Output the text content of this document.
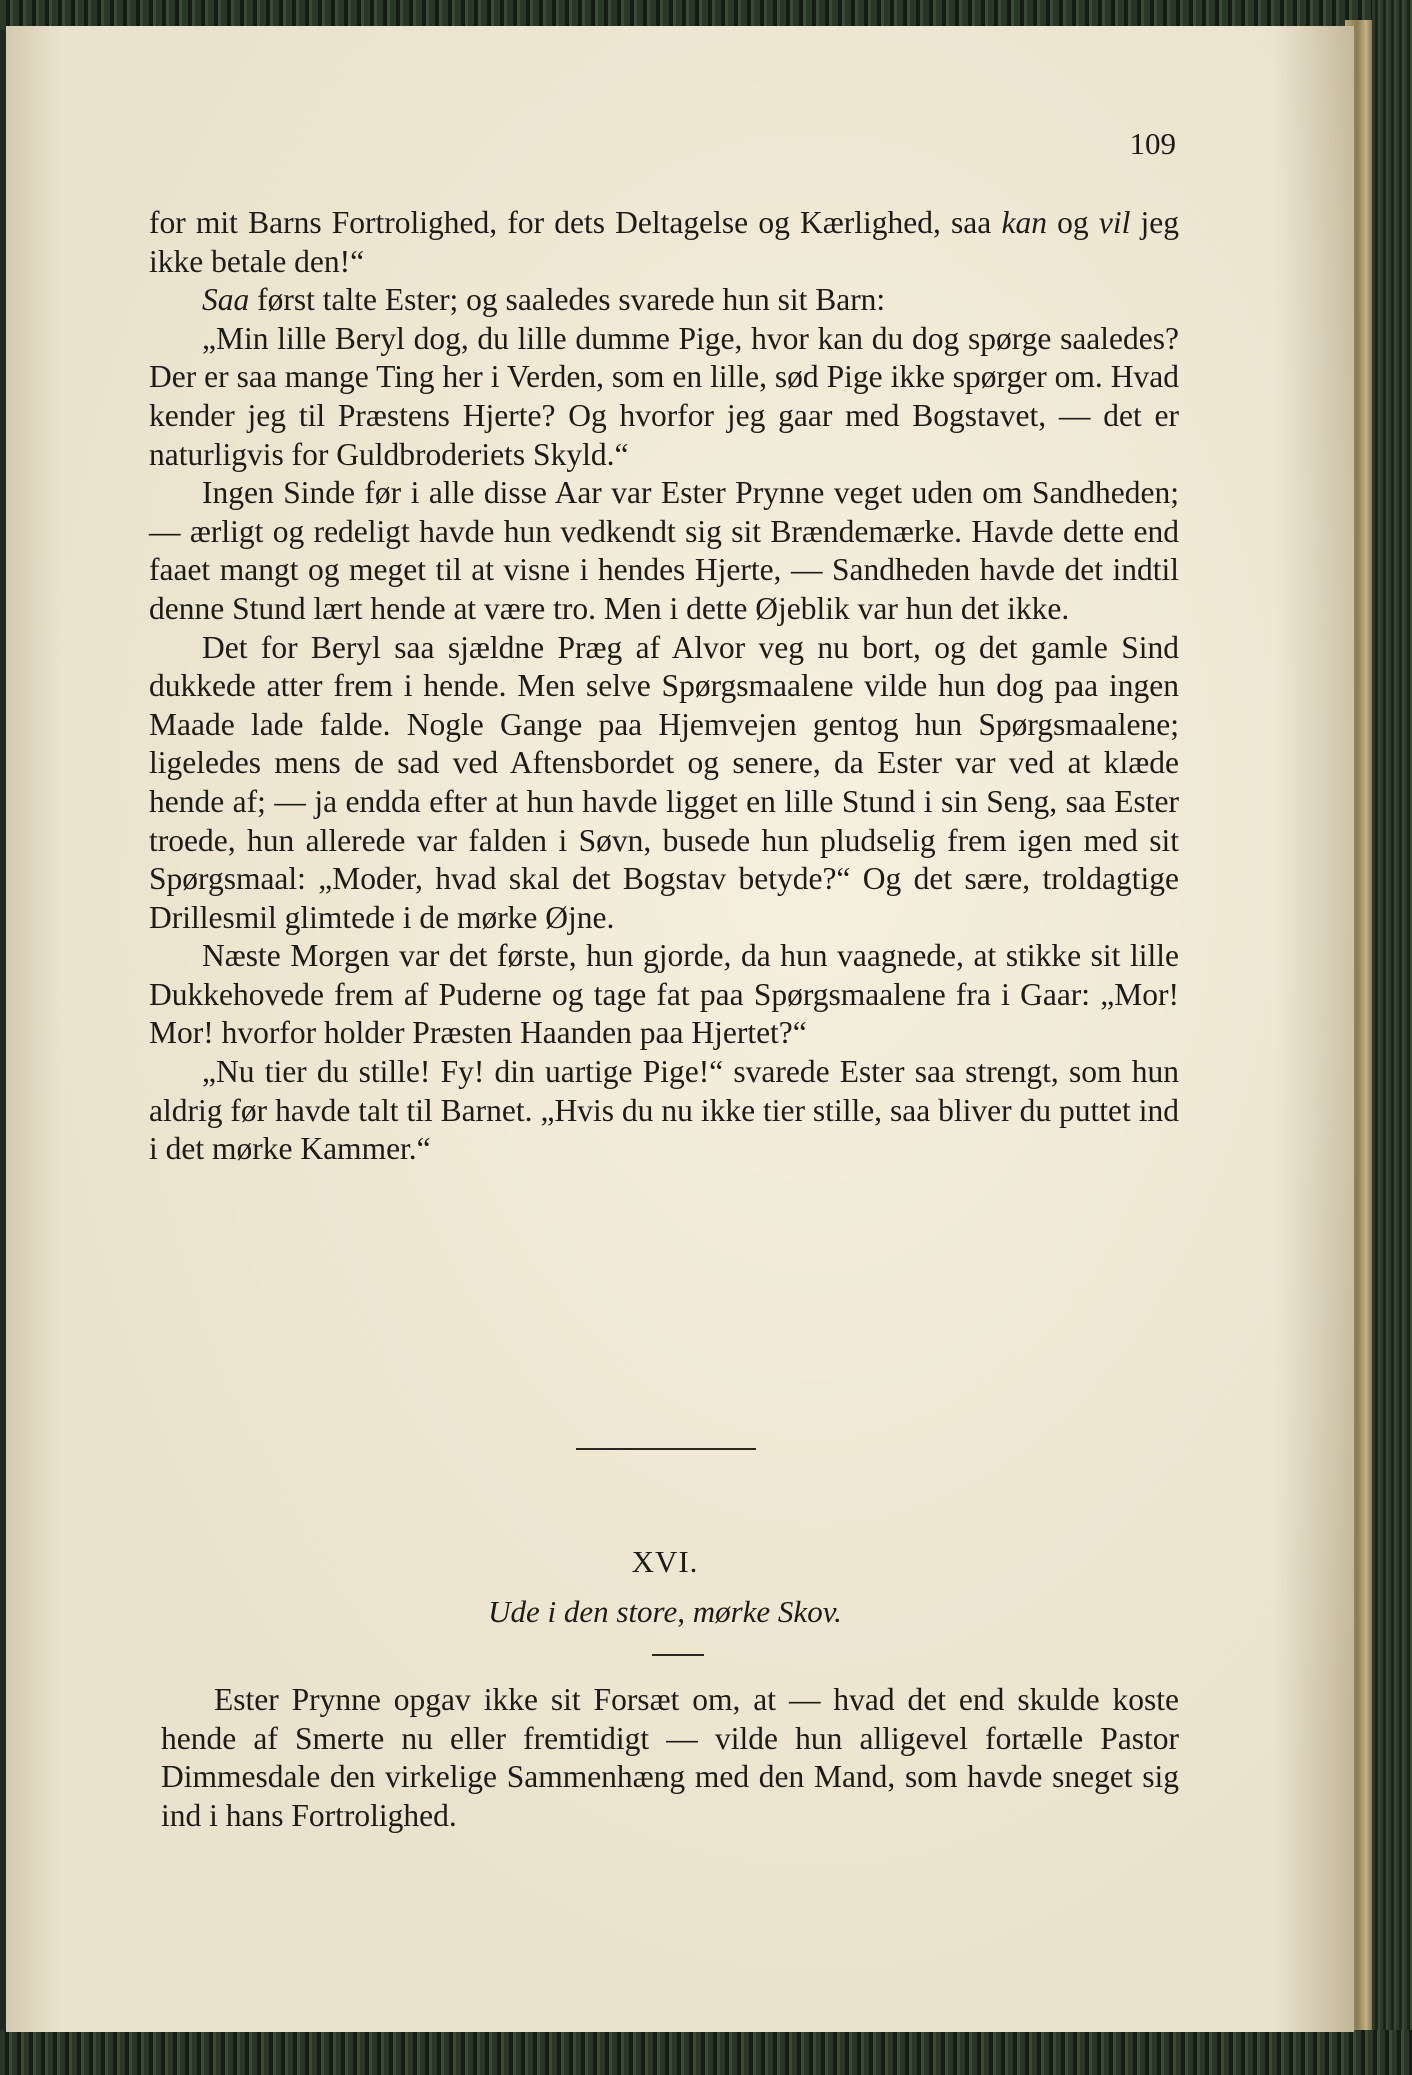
109

for mit Barns Fortrolighed, for dets Deltagelse og Kærlighed, saa kan og vil jeg ikke betale den!“

Saa først talte Ester; og saaledes svarede hun sit Barn:

„Min lille Beryl dog, du lille dumme Pige, hvor kan du dog spørge saaledes? Der er saa mange Ting her i Verden, som en lille, sød Pige ikke spørger om. Hvad kender jeg til Præstens Hjerte? Og hvorfor jeg gaar med Bogstavet, — det er naturligvis for Guldbroderiets Skyld.“

Ingen Sinde før i alle disse Aar var Ester Prynne veget uden om Sandheden; — ærligt og redeligt havde hun vedkendt sig sit Brændemærke. Havde dette end faaet mangt og meget til at visne i hendes Hjerte, — Sandheden havde det indtil denne Stund lært hende at være tro. Men i dette Øjeblik var hun det ikke.

Det for Beryl saa sjældne Præg af Alvor veg nu bort, og det gamle Sind dukkede atter frem i hende. Men selve Spørgsmaalene vilde hun dog paa ingen Maade lade falde. Nogle Gange paa Hjemvejen gentog hun Spørgsmaalene; ligeledes mens de sad ved Aftensbordet og senere, da Ester var ved at klæde hende af; — ja endda efter at hun havde ligget en lille Stund i sin Seng, saa Ester troede, hun allerede var falden i Søvn, busede hun pludselig frem igen med sit Spørgsmaal: „Moder, hvad skal det Bogstav betyde?“ Og det sære, troldagtige Drillesmil glimtede i de mørke Øjne.

Næste Morgen var det første, hun gjorde, da hun vaagnede, at stikke sit lille Dukkehovede frem af Puderne og tage fat paa Spørgsmaalene fra i Gaar: „Mor! Mor! hvorfor holder Præsten Haanden paa Hjertet?“

„Nu tier du stille! Fy! din uartige Pige!“ svarede Ester saa strengt, som hun aldrig før havde talt til Barnet. „Hvis du nu ikke tier stille, saa bliver du puttet ind i det mørke Kammer.“

XVI.
Ude i den store, mørke Skov.

Ester Prynne opgav ikke sit Forsæt om, at — hvad det end skulde koste hende af Smerte nu eller fremtidigt — vilde hun alligevel fortælle Pastor Dimmesdale den virkelige Sammenhæng med den Mand, som havde sneget sig ind i hans Fortrolighed.
